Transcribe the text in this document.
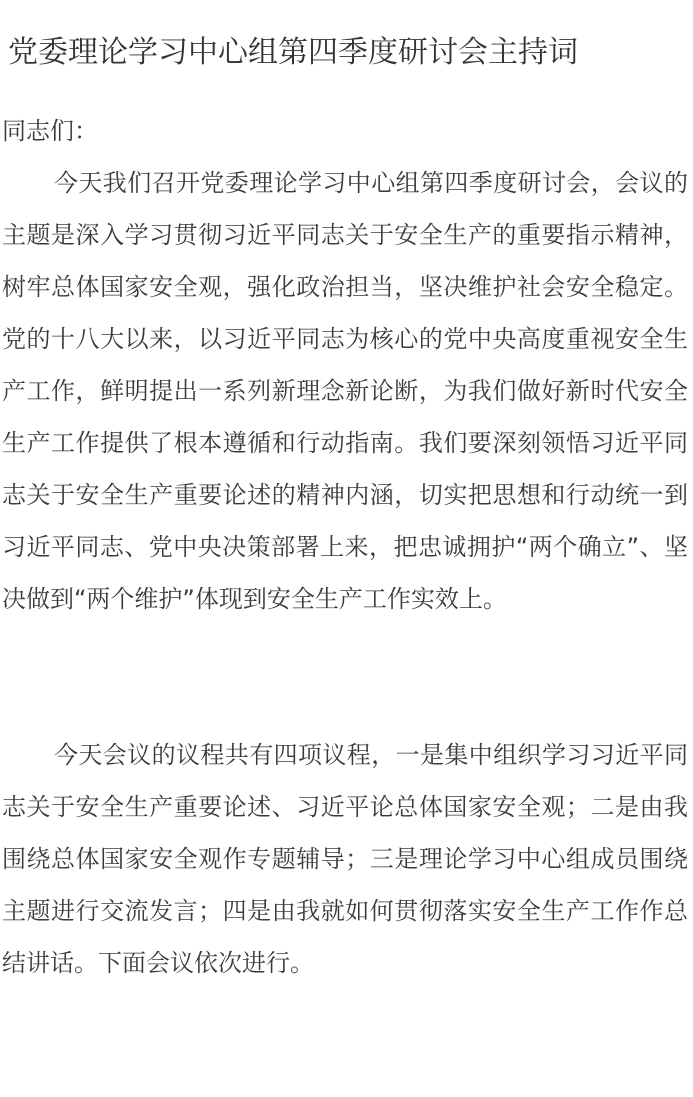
党委理论学习中心组第四季度研讨会主持词

同志们：

今天我们召开党委理论学习中心组第四季度研讨会，会议的主题是深入学习贯彻习近平同志关于安全生产的重要指示精神，树牢总体国家安全观，强化政治担当，坚决维护社会安全稳定。党的十八大以来，以习近平同志为核心的党中央高度重视安全生产工作，鲜明提出一系列新理念新论断，为我们做好新时代安全生产工作提供了根本遵循和行动指南。我们要深刻领悟习近平同志关于安全生产重要论述的精神内涵，切实把思想和行动统一到习近平同志、党中央决策部署上来，把忠诚拥护“两个确立”、坚决做到“两个维护”体现到安全生产工作实效上。

今天会议的议程共有四项议程，一是集中组织学习习近平同志关于安全生产重要论述、习近平论总体国家安全观；二是由我围绕总体国家安全观作专题辅导；三是理论学习中心组成员围绕主题进行交流发言；四是由我就如何贯彻落实安全生产工作作总结讲话。下面会议依次进行。
